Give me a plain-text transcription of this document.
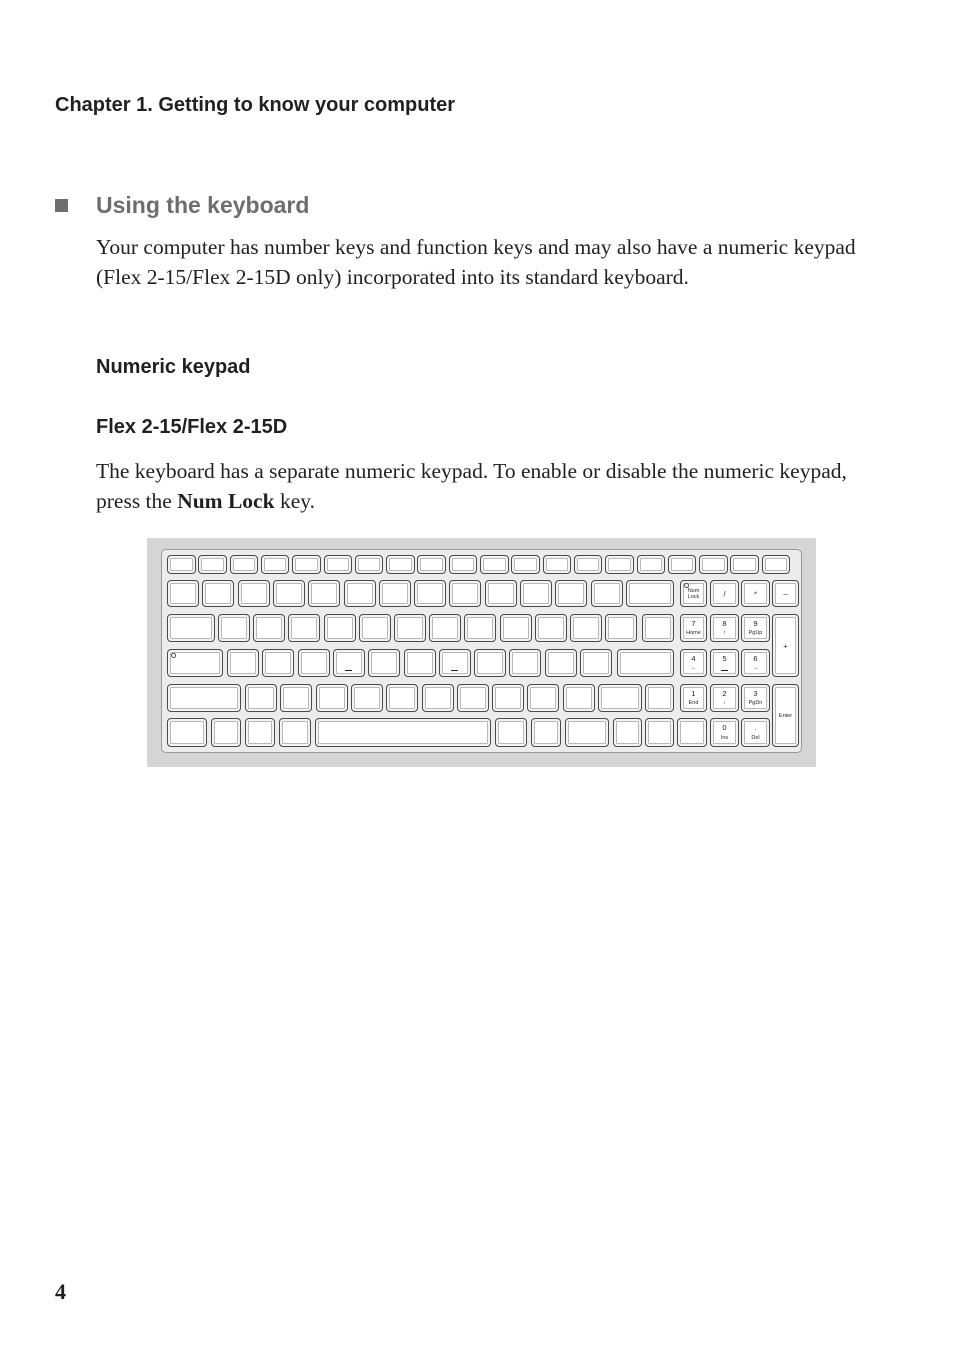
Chapter 1. Getting to know your computer
Using the keyboard

Your computer has number keys and function keys and may also have a numeric keypad (Flex 2-15/Flex 2-15D only) incorporated into its standard keyboard.

Numeric keypad
Flex 2-15/Flex 2-15D

The keyboard has a separate numeric keypad. To enable or disable the numeric keypad, press the Num Lock key.

Num
Lock	/	*	–
7
Home
8
↑
9
PgUp
+
4
←
5	6
→
1
End
2
↓
3
PgDn
Enter
0
Ins
.
Del
4
